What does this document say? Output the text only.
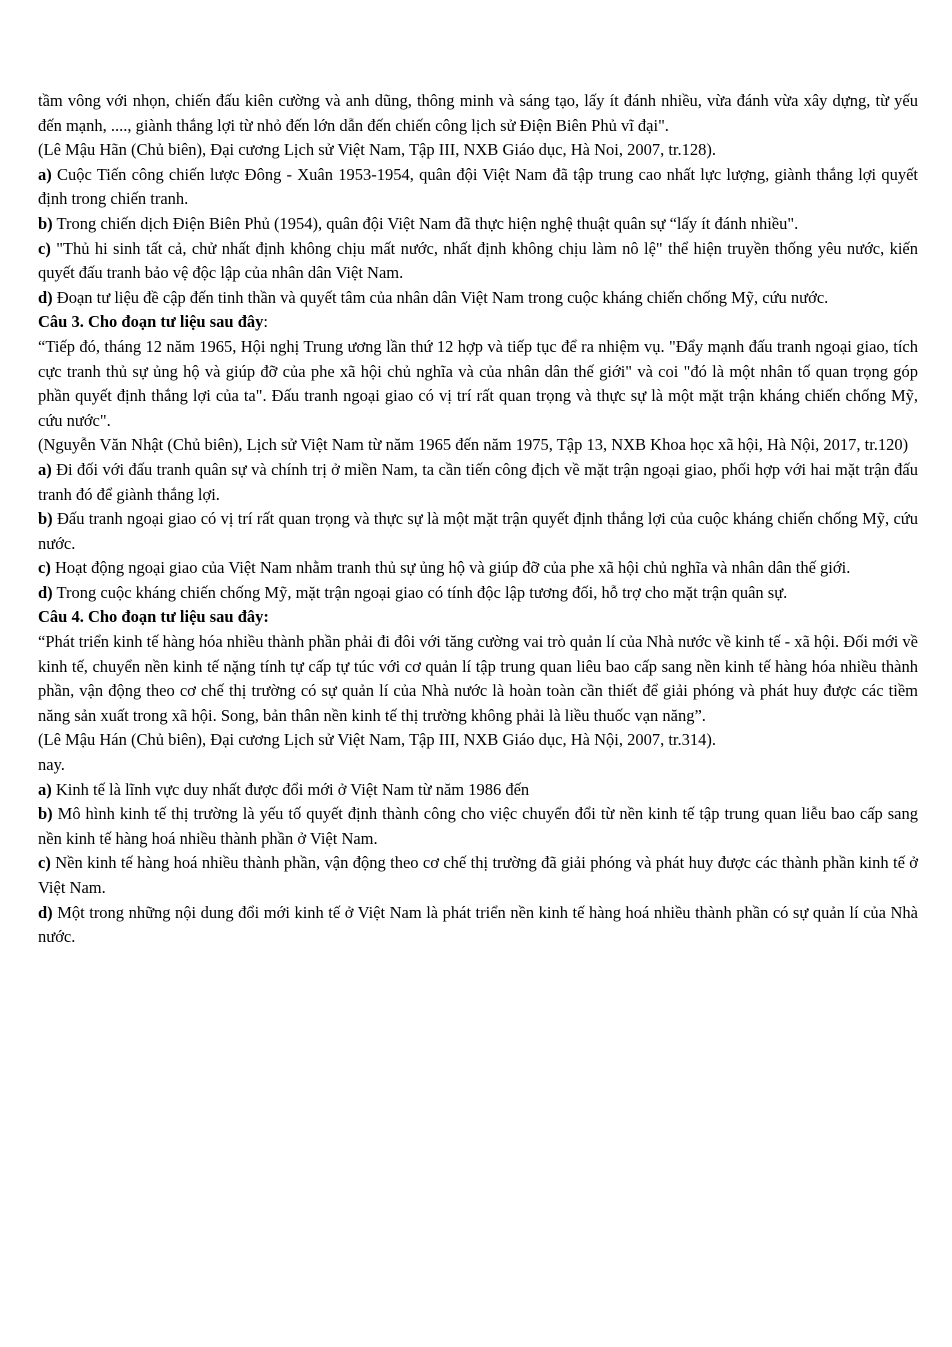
tầm vông với nhọn, chiến đấu kiên cường và anh dũng, thông minh và sáng tạo, lấy ít đánh nhiều, vừa đánh vừa xây dựng, từ yếu đến mạnh, ...., giành thắng lợi từ nhỏ đến lớn dẫn đến chiến công lịch sử Điện Biên Phủ vĩ đại".

(Lê Mậu Hãn (Chủ biên), Đại cương Lịch sử Việt Nam, Tập III, NXB Giáo dục, Hà Noi, 2007, tr.128).

a) Cuộc Tiến công chiến lược Đông - Xuân 1953-1954, quân đội Việt Nam đã tập trung cao nhất lực lượng, giành thắng lợi quyết định trong chiến tranh.

b) Trong chiến dịch Điện Biên Phủ (1954), quân đội Việt Nam đã thực hiện nghệ thuật quân sự “lấy ít đánh nhiều".

c) "Thủ hi sinh tất cả, chử nhất định không chịu mất nước, nhất định không chịu làm nô lệ" thể hiện truyền thống yêu nước, kiến quyết đấu tranh bảo vệ độc lập của nhân dân Việt Nam.

d) Đoạn tư liệu đề cập đến tinh thần và quyết tâm của nhân dân Việt Nam trong cuộc kháng chiến chống Mỹ, cứu nước.

Câu 3. Cho đoạn tư liệu sau đây:

“Tiếp đó, tháng 12 năm 1965, Hội nghị Trung ương lần thứ 12 hợp và tiếp tục để ra nhiệm vụ. "Đẩy mạnh đấu tranh ngoại giao, tích cực tranh thủ sự ủng hộ và giúp đỡ của phe xã hội chủ nghĩa và của nhân dân thế giới" và coi "đó là một nhân tố quan trọng góp phần quyết định thắng lợi của ta". Đấu tranh ngoại giao có vị trí rất quan trọng và thực sự là một mặt trận kháng chiến chống Mỹ, cứu nước".

(Nguyễn Văn Nhật (Chủ biên), Lịch sử Việt Nam từ năm 1965 đến năm 1975, Tập 13, NXB Khoa học xã hội, Hà Nội, 2017, tr.120)

a) Đi đối với đấu tranh quân sự và chính trị ở miền Nam, ta cần tiến công địch về mặt trận ngoại giao, phối hợp với hai mặt trận đấu tranh đó để giành thắng lợi.

b) Đấu tranh ngoại giao có vị trí rất quan trọng và thực sự là một mặt trận quyết định thắng lợi của cuộc kháng chiến chống Mỹ, cứu nước.

c) Hoạt động ngoại giao của Việt Nam nhằm tranh thủ sự ủng hộ và giúp đỡ của phe xã hội chủ nghĩa và nhân dân thế giới.

d) Trong cuộc kháng chiến chống Mỹ, mặt trận ngoại giao có tính độc lập tương đối, hỗ trợ cho mặt trận quân sự.

Câu 4. Cho đoạn tư liệu sau đây:

“Phát triển kinh tế hàng hóa nhiều thành phần phải đi đôi với tăng cường vai trò quản lí của Nhà nước về kinh tế - xã hội. Đối mới về kinh tế, chuyển nền kinh tế nặng tính tự cấp tự túc với cơ quản lí tập trung quan liêu bao cấp sang nền kinh tế hàng hóa nhiều thành phần, vận động theo cơ chế thị trường có sự quản lí của Nhà nước là hoàn toàn cần thiết để giải phóng và phát huy được các tiềm năng sản xuất trong xã hội. Song, bản thân nền kinh tế thị trường không phải là liều thuốc vạn năng”.

(Lê Mậu Hán (Chủ biên), Đại cương Lịch sử Việt Nam, Tập III, NXB Giáo dục, Hà Nội, 2007, tr.314).

nay.

a) Kinh tế là lĩnh vực duy nhất được đổi mới ở Việt Nam từ năm 1986 đến

b) Mô hình kinh tế thị trường là yếu tố quyết định thành công cho việc chuyển đổi từ nền kinh tế tập trung quan liễu bao cấp sang nền kinh tế hàng hoá nhiều thành phần ở Việt Nam.

c) Nền kinh tế hàng hoá nhiều thành phần, vận động theo cơ chế thị trường đã giải phóng và phát huy được các thành phần kinh tế ở Việt Nam.

d) Một trong những nội dung đổi mới kinh tế ở Việt Nam là phát triển nền kinh tế hàng hoá nhiều thành phần có sự quản lí của Nhà nước.
